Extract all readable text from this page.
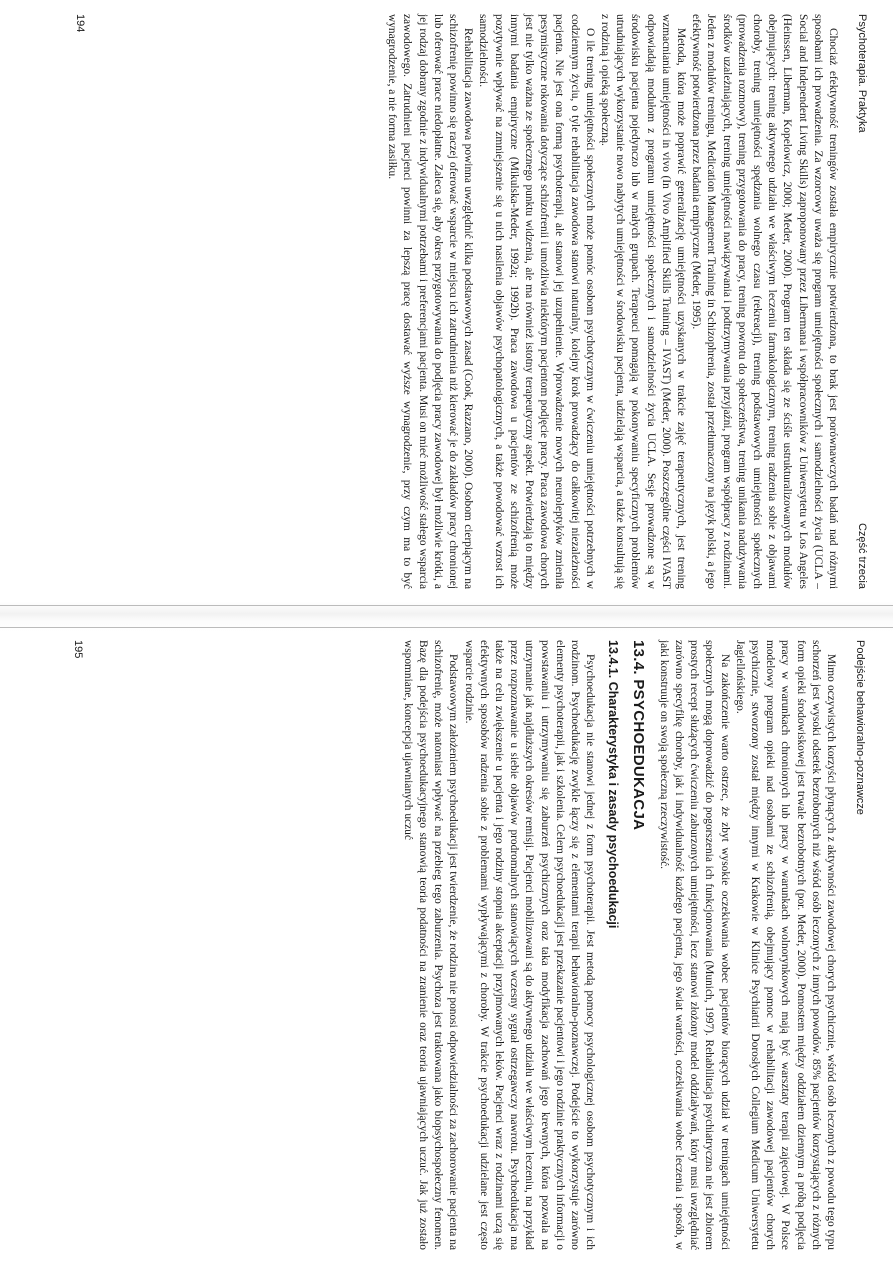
Psychoterapia. Praktyka
Część trzecia

Chociaż efektywność treningów została empirycznie potwierdzona, to brak jest porównawczych badań nad różnymi sposobami ich prowadzenia. Za wzorcowy uważa się program umiejętności społecznych i samodzielności życia (UCLA – Social and Independent Living Skills) zaproponowany przez Libermana i współpracowników z Uniwersytetu w Los Angeles (Heinssen, Liberman, Kopelowicz, 2000; Meder, 2000). Program ten składa się ze ściśle ustrukturalizowanych modułów obejmujących: trening aktywnego udziału we właściwym leczeniu farmakologicznym, trening radzenia sobie z objawami choroby, trening umiejętności spędzania wolnego czasu (rekreacji), trening podstawowych umiejętności społecznych (prowadzenia rozmowy), trening przygotowania do pracy, trening powrotu do społeczeństwa, trening unikania nadużywania środków uzależniających, trening umiejętności nawiązywania i podtrzymywania przyjaźni, program współpracy z rodzinami. Jeden z modułów treningu, Medication Management Training in Schizophrenia, został przetłumaczony na język polski, a jego efektywność potwierdzona przez badania empiryczne (Meder, 1995).

Metoda, która może poprawić generalizację umiejętności uzyskanych w trakcie zajęć terapeutycznych, jest trening wzmacniania umiejętności in vivo (In Vivo Amplified Skills Training – IVAST) (Meder, 2000). Poszczególne części IVAST odpowiadają modułom z programu umiejętności społecznych i samodzielności życia UCLA. Sesje prowadzone są w środowisku pacjenta pojedynczo lub w małych grupach. Terapeuci pomagają w pokonywaniu specyficznych problemów utrudniających wykorzystanie nowo nabytych umiejętności w środowisku pacjenta, udzielają wsparcia, a także konsultują się z rodziną i opieką społeczną.

O ile trening umiejętności społecznych może pomóc osobom psychotycznym w ćwiczeniu umiejętności potrzebnych w codziennym życiu, o tyle rehabilitacja zawodowa stanowi naturalny, kolejny krok prowadzący do całkowitej niezależności pacjenta. Nie jest ona formą psychoterapii, ale stanowi jej uzupełnienie. Wprowadzenie nowych neuroleptyków zmieniła pesymistyczne rokowania dotyczące schizofrenii i umożliwia niektórym pacjentom podjęcie pracy. Praca zawodowa chorych jest nie tylko ważna ze społecznego punktu widzenia, ale ma również istotny terapeutyczny aspekt. Potwierdzają to między innymi badania empiryczne (Mikulska-Meder, 1992a; 1992b). Praca zawodowa u pacjentów ze schizofrenią może pozytywnie wpływać na zmniejszenie się u nich nasilenia objawów psychopatologicznych, a także powodować wzrost ich samodzielności.

Rehabilitacja zawodowa powinna uwzględnić kilka podstawowych zasad (Cook, Razzano, 2000). Osobom cierpiącym na schizofrenię powinno się raczej oferować wsparcie w miejscu ich zatrudnienia niż kierować je do zakładów pracy chronionej lub oferować prace niedopłatne. Zaleca się, aby okres przygotowywania do podjęcia pracy zawodowej był możliwie krótki, a jej rodzaj dobrany zgodnie z indywidualnymi potrzebami i preferencjami pacjenta. Musi on mieć możliwość stałego wsparcia zawodowego. Zatrudnieni pacjenci powinni za lepszą pracę dostawać wyższe wynagrodzenie, przy czym ma to być wynagrodzenie, a nie forma zasiłku.

194
Podejście behawioralno-poznawcze

Mimo oczywistych korzyści płynących z aktywności zawodowej chorych psychicznie, wśród osób leczonych z powodu tego typu schorzeń jest wysoki odsetek bezrobotnych niż wśród osób leczonych z innych powodów. 85% pacjentów korzystających z różnych form opieki środowiskowej jest trwale bezrobotnych (por. Meder, 2000). Pomostem między oddziałem dziennym a próbą podjęcia pracy w warunkach chronionych lub pracy w warunkach wolnorynkowych mają być warsztaty terapii zajęciowej. W Polsce modelowy program opieki nad osobami ze schizofrenią, obejmujący pomoc w rehabilitacji zawodowej pacjentów chorych psychicznie, stworzony został między innymi w Krakowie w Klinice Psychiatrii Dorosłych Collegium Medicum Uniwersytetu Jagiellońskiego.

Na zakończenie warto ostrzec, że zbyt wysokie oczekiwania wobec pacjentów biorących udział w treningach umiejętności społecznych mogą doprowadzić do pogorszenia ich funkcjonowania (Munich, 1997). Rehabilitacja psychiatryczna nie jest zbiorem prostych recept służących ćwiczeniu zaburzonych umiejętności, lecz stanowi złożony model oddziaływań, który musi uwzględniać zarówno specyfikę choroby, jak i indywidualność każdego pacjenta, jego świat wartości, oczekiwania wobec leczenia i sposób, w jaki konstruuje on swoją społeczną rzeczywistość.

13.4. PSYCHOEDUKACJA
13.4.1. Charakterystyka i zasady psychoedukacji

Psychoedukacja nie stanowi jednej z form psychoterapii. Jest metodą pomocy psychologicznej osobom psychotycznym i ich rodzinom. Psychoedukację zwykle łączy się z elementami terapii behawioralno-poznawczej. Podejście to wykorzystuje zarówno elementy psychoterapii, jak i szkolenia. Celem psychoedukacji jest przekazanie pacjentowi i jego rodzinie praktycznych informacji o powstawaniu i utrzymywaniu się zaburzeń psychicznych oraz taka modyfikacja zachowań jego krewnych, która pozwala na utrzymanie jak najdłuższych okresów remisji. Pacjenci mobilizowani są do aktywnego udziału we właściwym leczeniu, na przykład przez rozpoznawanie u siebie objawów prodromalnych stanowiących wczesny sygnał ostrzegawczy nawrotu. Psychoedukacja ma także na celu zwiększenie u pacjenta i jego rodziny stopnia akceptacji przyjmowanych leków. Pacjenci wraz z rodzinami uczą się efektywnych sposobów radzenia sobie z problemami wypływającymi z choroby. W trakcie psychoedukacji udzielane jest często wsparcie rodzinie.

Podstawowym założeniem psychoedukacji jest twierdzenie, że rodzina nie ponosi odpowiedzialności za zachorowanie pacjenta na schizofrenię, może natomiast wpływać na przebieg tego zaburzenia. Psychoza jest traktowana jako biopsychospołeczny fenomen. Bazę dla podejścia psychoedukacyjnego stanowią teoria podatności na zranienie oraz teoria ujawniających uczuć. Jak już zostało wspomniane, koncepcja ujawnianych uczuć

195
